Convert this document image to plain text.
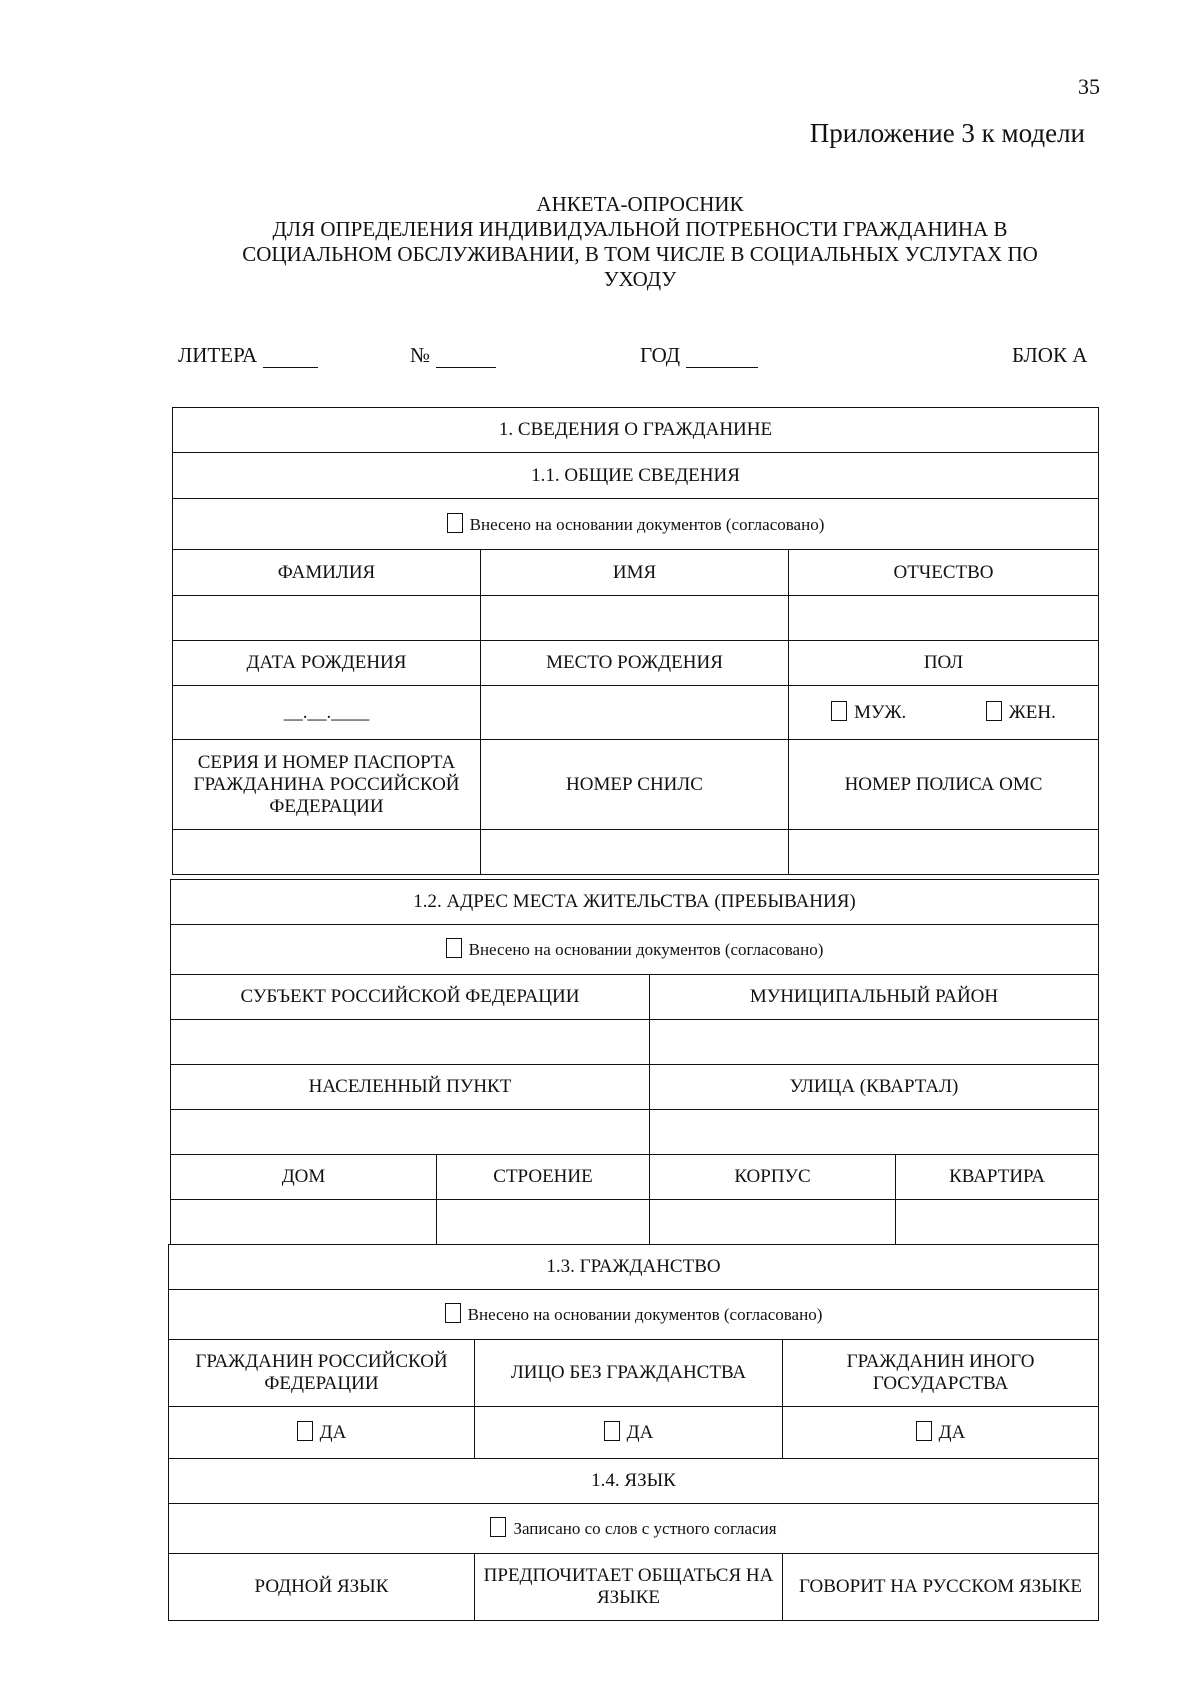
35
Приложение 3 к модели
АНКЕТА-ОПРОСНИК
ДЛЯ ОПРЕДЕЛЕНИЯ ИНДИВИДУАЛЬНОЙ ПОТРЕБНОСТИ ГРАЖДАНИНА В
СОЦИАЛЬНОМ ОБСЛУЖИВАНИИ, В ТОМ ЧИСЛЕ В СОЦИАЛЬНЫХ УСЛУГАХ ПО
УХОДУ
ЛИТЕРА	№	ГОД	БЛОК А
1. СВЕДЕНИЯ О ГРАЖДАНИНЕ		
1.1. ОБЩИЕ СВЕДЕНИЯ		
Внесено на основании документов (согласовано)		
ФАМИЛИЯ	ИМЯ	ОТЧЕСТВО

ДАТА РОЖДЕНИЯ	МЕСТО РОЖДЕНИЯ	ПОЛ
__.__.____		МУЖ. ЖЕН.
СЕРИЯ И НОМЕР ПАСПОРТА ГРАЖДАНИНА РОССИЙСКОЙ ФЕДЕРАЦИИ	НОМЕР СНИЛС	НОМЕР ПОЛИСА ОМС

1.2. АДРЕС МЕСТА ЖИТЕЛЬСТВА (ПРЕБЫВАНИЯ)			
Внесено на основании документов (согласовано)			
СУБЪЕКТ РОССИЙСКОЙ ФЕДЕРАЦИИ		МУНИЦИПАЛЬНЫЙ РАЙОН	

НАСЕЛЕННЫЙ ПУНКТ		УЛИЦА (КВАРТАЛ)	

ДОМ	СТРОЕНИЕ	КОРПУС	КВАРТИРА

1.3. ГРАЖДАНСТВО		
Внесено на основании документов (согласовано)		
ГРАЖДАНИН РОССИЙСКОЙ ФЕДЕРАЦИИ	ЛИЦО БЕЗ ГРАЖДАНСТВА	ГРАЖДАНИН ИНОГО ГОСУДАРСТВА
ДА	ДА	ДА
1.4. ЯЗЫК		
Записано со слов с устного согласия		
РОДНОЙ ЯЗЫК	ПРЕДПОЧИТАЕТ ОБЩАТЬСЯ НА ЯЗЫКЕ	ГОВОРИТ НА РУССКОМ ЯЗЫКЕ
